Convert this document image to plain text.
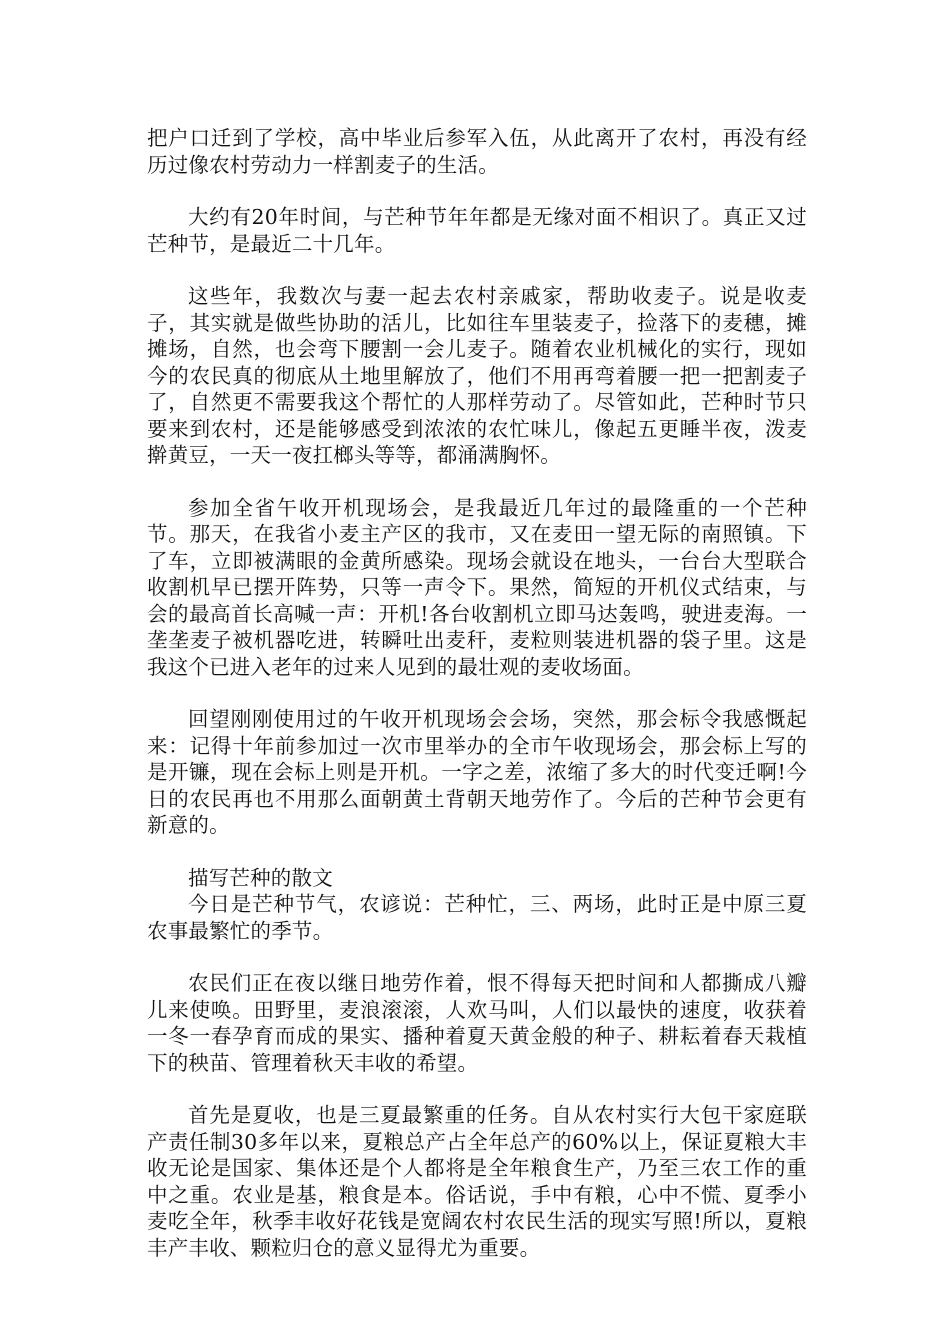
把户口迁到了学校，高中毕业后参军入伍，从此离开了农村，再没有经历过像农村劳动力一样割麦子的生活。

大约有20年时间，与芒种节年年都是无缘对面不相识了。真正又过芒种节，是最近二十几年。

这些年，我数次与妻一起去农村亲戚家，帮助收麦子。说是收麦子，其实就是做些协助的活儿，比如往车里装麦子，捡落下的麦穗，摊摊场，自然，也会弯下腰割一会儿麦子。随着农业机械化的实行，现如今的农民真的彻底从土地里解放了，他们不用再弯着腰一把一把割麦子了，自然更不需要我这个帮忙的人那样劳动了。尽管如此，芒种时节只要来到农村，还是能够感受到浓浓的农忙味儿，像起五更睡半夜，泼麦擀黄豆，一天一夜扛榔头等等，都涌满胸怀。

参加全省午收开机现场会，是我最近几年过的最隆重的一个芒种节。那天，在我省小麦主产区的我市，又在麦田一望无际的南照镇。下了车，立即被满眼的金黄所感染。现场会就设在地头，一台台大型联合收割机早已摆开阵势，只等一声令下。果然，简短的开机仪式结束，与会的最高首长高喊一声：开机!各台收割机立即马达轰鸣，驶进麦海。一垄垄麦子被机器吃进，转瞬吐出麦秆，麦粒则装进机器的袋子里。这是我这个已进入老年的过来人见到的最壮观的麦收场面。

回望刚刚使用过的午收开机现场会会场，突然，那会标令我感慨起来：记得十年前参加过一次市里举办的全市午收现场会，那会标上写的是开镰，现在会标上则是开机。一字之差，浓缩了多大的时代变迁啊!今日的农民再也不用那么面朝黄土背朝天地劳作了。今后的芒种节会更有新意的。

描写芒种的散文

今日是芒种节气，农谚说：芒种忙，三、两场，此时正是中原三夏农事最繁忙的季节。

农民们正在夜以继日地劳作着，恨不得每天把时间和人都撕成八瓣儿来使唤。田野里，麦浪滚滚，人欢马叫，人们以最快的速度，收获着一冬一春孕育而成的果实、播种着夏天黄金般的种子、耕耘着春天栽植下的秧苗、管理着秋天丰收的希望。

首先是夏收，也是三夏最繁重的任务。自从农村实行大包干家庭联产责任制30多年以来，夏粮总产占全年总产的60%以上，保证夏粮大丰收无论是国家、集体还是个人都将是全年粮食生产，乃至三农工作的重中之重。农业是基，粮食是本。俗话说，手中有粮，心中不慌、夏季小麦吃全年，秋季丰收好花钱是宽阔农村农民生活的现实写照!所以，夏粮丰产丰收、颗粒归仓的意义显得尤为重要。
